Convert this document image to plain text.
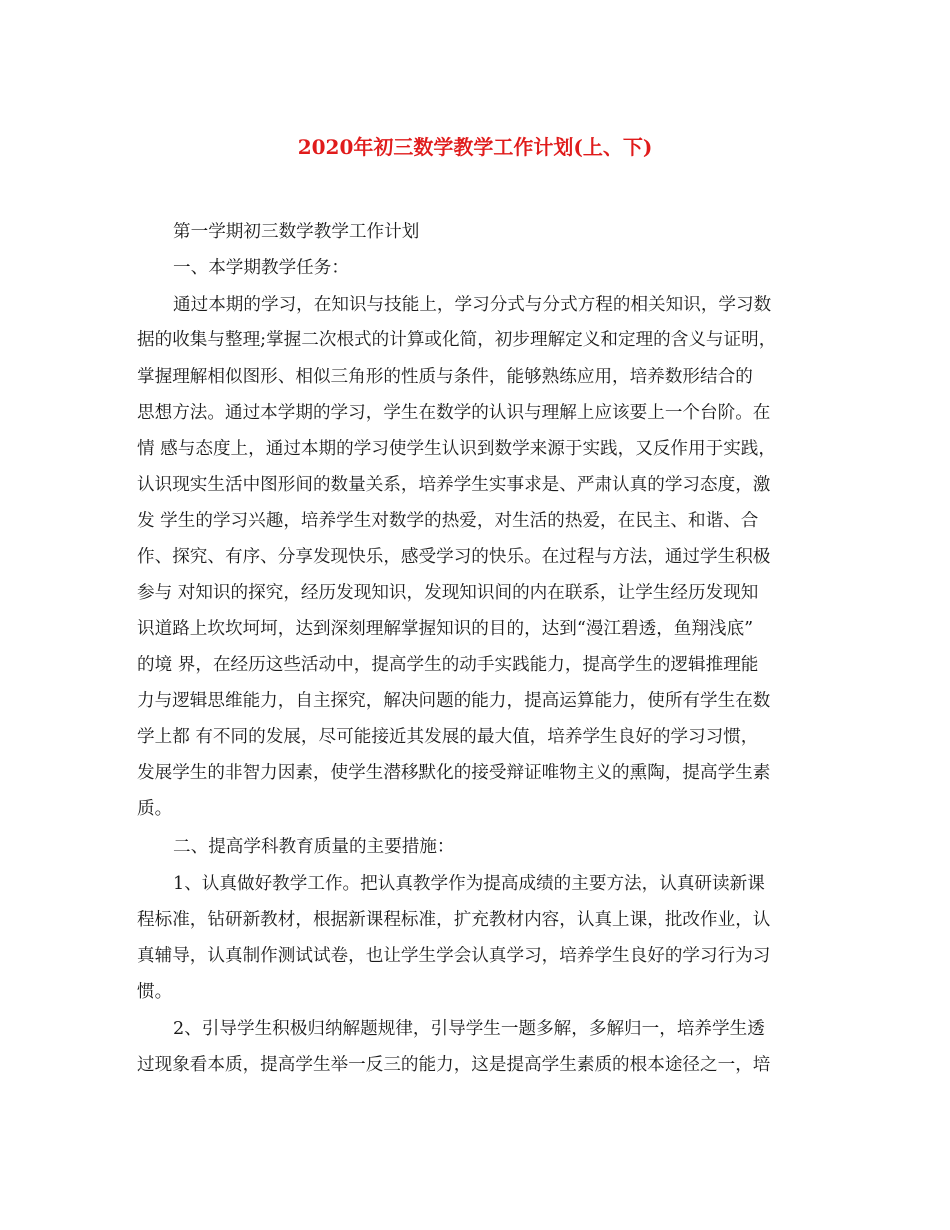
2020年初三数学教学工作计划(上、下)
第一学期初三数学教学工作计划
一、本学期教学任务：
通过本期的学习，在知识与技能上，学习分式与分式方程的相关知识，学习数
据的收集与整理;掌握二次根式的计算或化简，初步理解定义和定理的含义与证明，
掌握理解相似图形、相似三角形的性质与条件，能够熟练应用，培养数形结合的
思想方法。通过本学期的学习，学生在数学的认识与理解上应该要上一个台阶。在
情 感与态度上，通过本期的学习使学生认识到数学来源于实践，又反作用于实践，
认识现实生活中图形间的数量关系，培养学生实事求是、严肃认真的学习态度，激
发 学生的学习兴趣，培养学生对数学的热爱，对生活的热爱，在民主、和谐、合
作、探究、有序、分享发现快乐，感受学习的快乐。在过程与方法，通过学生积极
参与 对知识的探究，经历发现知识，发现知识间的内在联系，让学生经历发现知
识道路上坎坎坷坷，达到深刻理解掌握知识的目的，达到“漫江碧透，鱼翔浅底”
的境 界，在经历这些活动中，提高学生的动手实践能力，提高学生的逻辑推理能
力与逻辑思维能力，自主探究，解决问题的能力，提高运算能力，使所有学生在数
学上都 有不同的发展，尽可能接近其发展的最大值，培养学生良好的学习习惯，
发展学生的非智力因素，使学生潜移默化的接受辩证唯物主义的熏陶，提高学生素
质。
二、提高学科教育质量的主要措施：
1、认真做好教学工作。把认真教学作为提高成绩的主要方法，认真研读新课
程标准，钻研新教材，根据新课程标准，扩充教材内容，认真上课，批改作业，认
真辅导，认真制作测试试卷，也让学生学会认真学习，培养学生良好的学习行为习
惯。
2、引导学生积极归纳解题规律，引导学生一题多解，多解归一，培养学生透
过现象看本质，提高学生举一反三的能力，这是提高学生素质的根本途径之一，培
